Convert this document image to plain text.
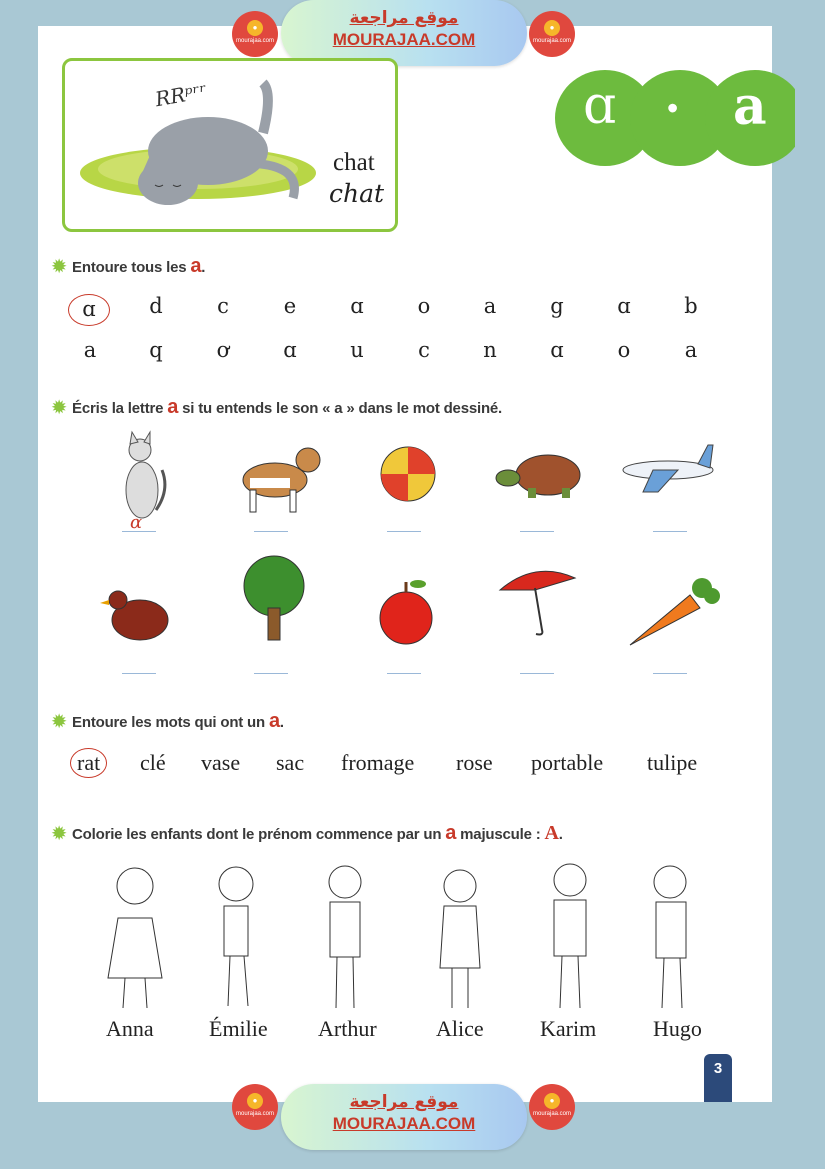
●
mourajaa.com
موقع مراجعة
MOURAJAA.COM
●
mourajaa.com
RRᵖʳʳ
chat
chat
ɑ • a
✹ Entoure tous les a.
ɑ	d	c	e	ɑ	o	a	g	ɑ	b
a	q	ơ	ɑ	u	c	n	ɑ	o	a
✹ Écris la lettre a si tu entends le son « a » dans le mot dessiné.
ɑ
✹ Entoure les mots qui ont un a.
rat	clé vase sac fromage rose portable tulipe
✹ Colorie les enfants dont le prénom commence par un a majuscule : A.
Anna	Émilie Arthur	Alice	Karim	Hugo
3
●
mourajaa.com
موقع مراجعة
MOURAJAA.COM
●
mourajaa.com
